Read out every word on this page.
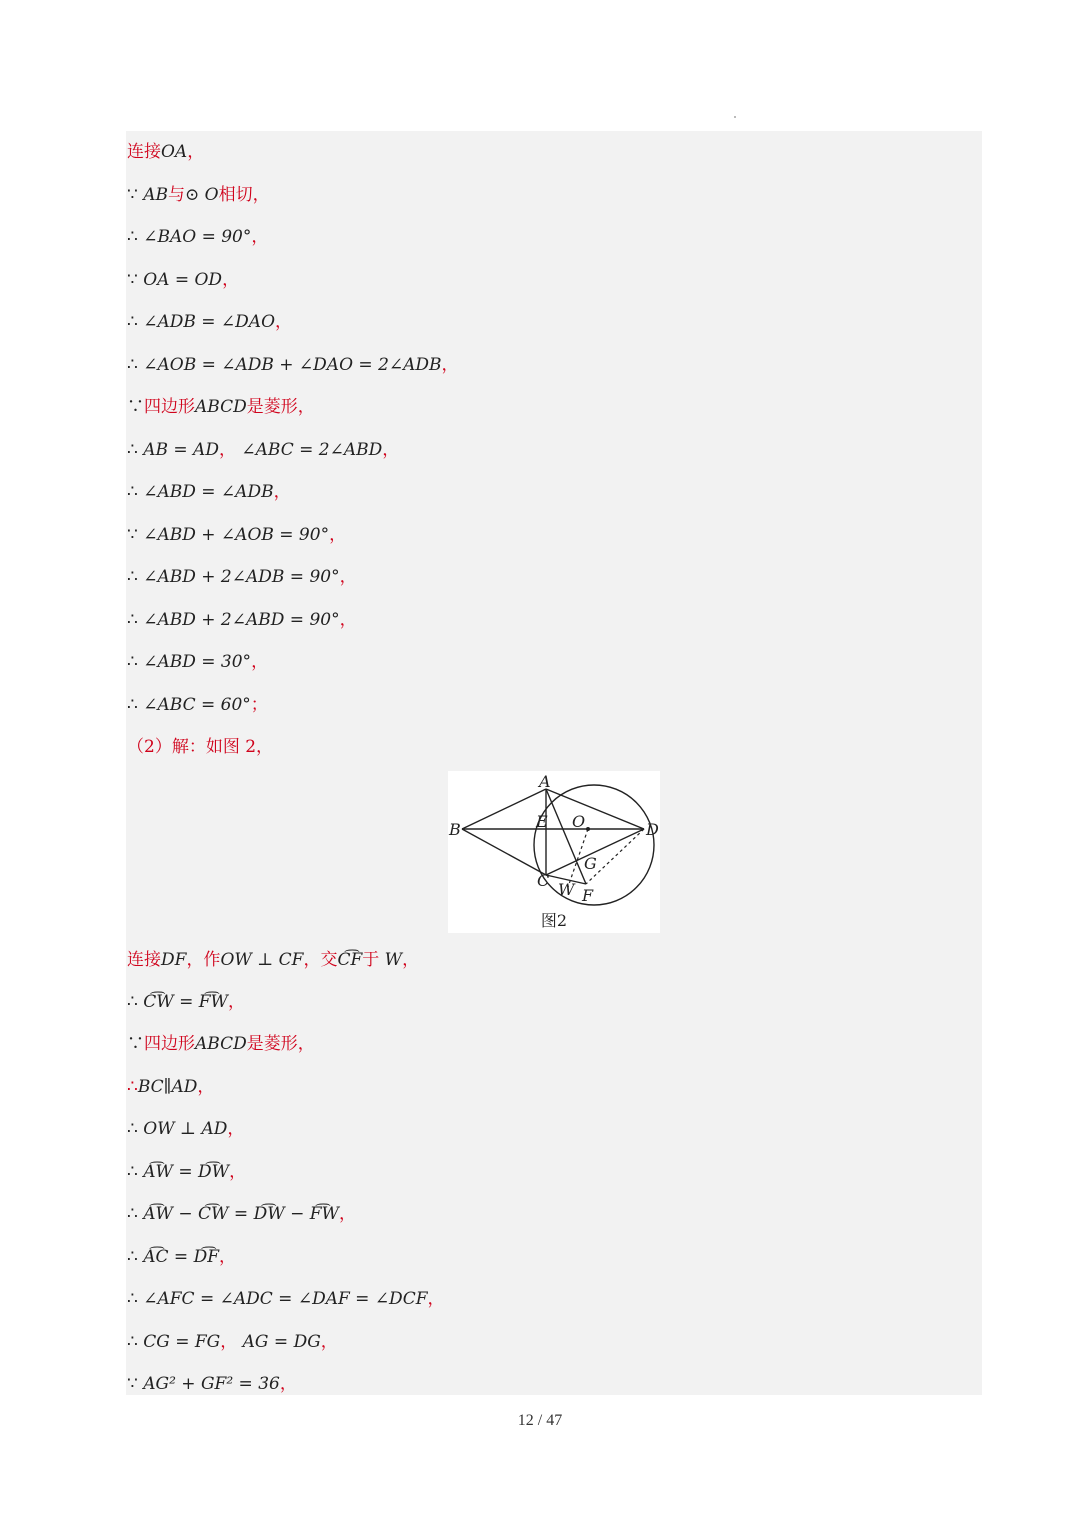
连接OA，
∵ AB与⊙ O相切，
∴ ∠BAO = 90°，
∵ OA = OD，
∴ ∠ADB = ∠DAO，
∴ ∠AOB = ∠ADB + ∠DAO = 2∠ADB，
∵四边形ABCD是菱形，
∴ AB = AD， ∠ABC = 2∠ABD，
∴ ∠ABD = ∠ADB，
∵ ∠ABD + ∠AOB = 90°，
∴ ∠ABD + 2∠ADB = 90°，
∴ ∠ABD + 2∠ABD = 90°，
∴ ∠ABD = 30°，
∴ ∠ABC = 60°；
（2）解：如图 2，
连接DF，作OW ⊥ CF，交C͡F于 W，
∴ C͡W = F͡W，
∵四边形ABCD是菱形，
∴BC∥AD，
∴ OW ⊥ AD，
∴ A͡W = D͡W，
∴ A͡W − C͡W = D͡W − F͡W，
∴ A͡C = D͡F，
∴ ∠AFC = ∠ADC = ∠DAF = ∠DCF，
∴ CG = FG， AG = DG，
∵ AG² + GF² = 36，
A
B
C
D
E O
G
W F
图2
12 / 47
